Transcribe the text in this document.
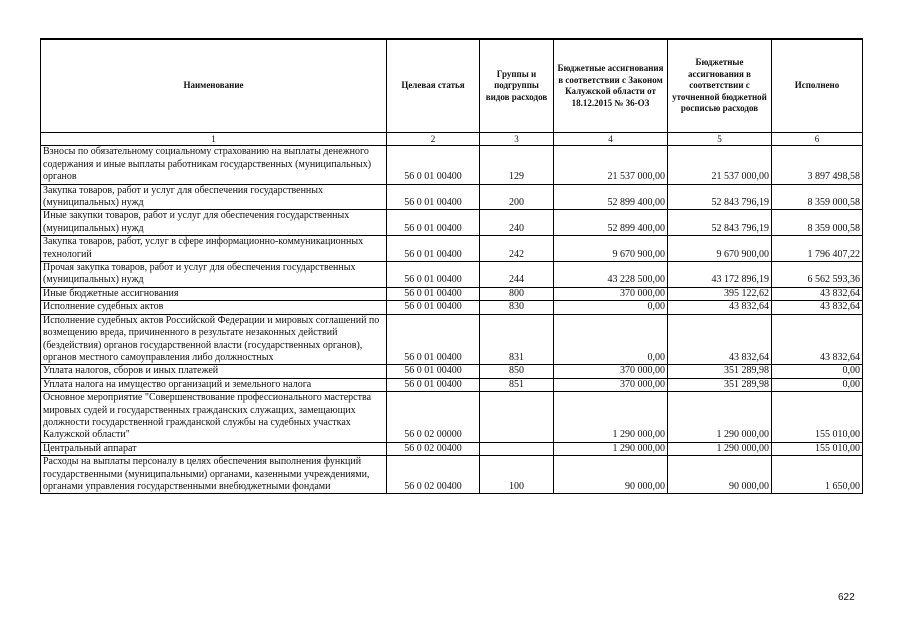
Наименование	Целевая статья	Группы и подгруппы видов расходов	Бюджетные ассигнования в соответствии с Законом Калужской области от 18.12.2015 № 36-ОЗ	Бюджетные ассигнования в соответствии с уточненной бюджетной росписью расходов	Исполнено
1	2	3	4	5	6
Взносы по обязательному социальному страхованию на выплаты денежного содержания и иные выплаты работникам государственных (муниципальных) органов	56 0 01 00400	129	21 537 000,00	21 537 000,00	3 897 498,58
Закупка товаров, работ и услуг для обеспечения государственных (муниципальных) нужд	56 0 01 00400	200	52 899 400,00	52 843 796,19	8 359 000,58
Иные закупки товаров, работ и услуг для обеспечения государственных (муниципальных) нужд	56 0 01 00400	240	52 899 400,00	52 843 796,19	8 359 000,58
Закупка товаров, работ, услуг в сфере информационно-коммуникационных технологий	56 0 01 00400	242	9 670 900,00	9 670 900,00	1 796 407,22
Прочая закупка товаров, работ и услуг для обеспечения государственных (муниципальных) нужд	56 0 01 00400	244	43 228 500,00	43 172 896,19	6 562 593,36
Иные бюджетные ассигнования	56 0 01 00400	800	370 000,00	395 122,62	43 832,64
Исполнение судебных актов	56 0 01 00400	830	0,00	43 832,64	43 832,64
Исполнение судебных актов Российской Федерации и мировых соглашений по возмещению вреда, причиненного в результате незаконных действий (бездействия) органов государственной власти (государственных органов), органов местного самоуправления либо должностных	56 0 01 00400	831	0,00	43 832,64	43 832,64
Уплата налогов, сборов и иных платежей	56 0 01 00400	850	370 000,00	351 289,98	0,00
Уплата налога на имущество организаций и земельного налога	56 0 01 00400	851	370 000,00	351 289,98	0,00
Основное мероприятие "Совершенствование профессионального мастерства мировых судей и государственных гражданских служащих, замещающих должности государственной гражданской службы на судебных участках Калужской области"	56 0 02 00000		1 290 000,00	1 290 000,00	155 010,00
Центральный аппарат	56 0 02 00400		1 290 000,00	1 290 000,00	155 010,00
Расходы на выплаты персоналу в целях обеспечения выполнения функций государственными (муниципальными) органами, казенными учреждениями, органами управления государственными внебюджетными фондами	56 0 02 00400	100	90 000,00	90 000,00	1 650,00
622
